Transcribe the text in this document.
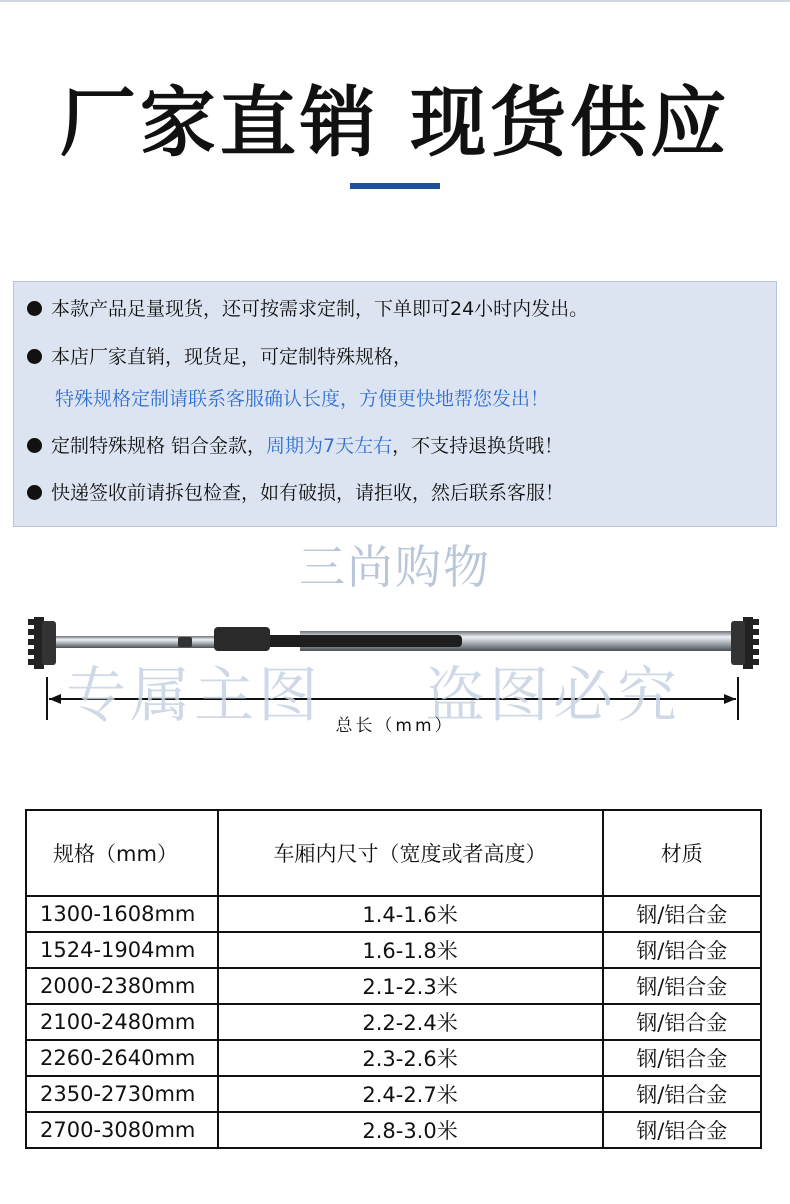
厂家直销 现货供应
本款产品足量现货，还可按需求定制，下单即可24小时内发出。
本店厂家直销，现货足，可定制特殊规格，
特殊规格定制请联系客服确认长度，方便更快地帮您发出！
定制特殊规格 铝合金款，周期为7天左右，不支持退换货哦！
快递签收前请拆包检查，如有破损，请拒收，然后联系客服！
三尚购物
专属主图 盗图必究
总长（mm）
规格（mm）	车厢内尺寸（宽度或者高度）	材质
1300-1608mm	1.4-1.6米	钢/铝合金
1524-1904mm	1.6-1.8米	钢/铝合金
2000-2380mm	2.1-2.3米	钢/铝合金
2100-2480mm	2.2-2.4米	钢/铝合金
2260-2640mm	2.3-2.6米	钢/铝合金
2350-2730mm	2.4-2.7米	钢/铝合金
2700-3080mm	2.8-3.0米	钢/铝合金
